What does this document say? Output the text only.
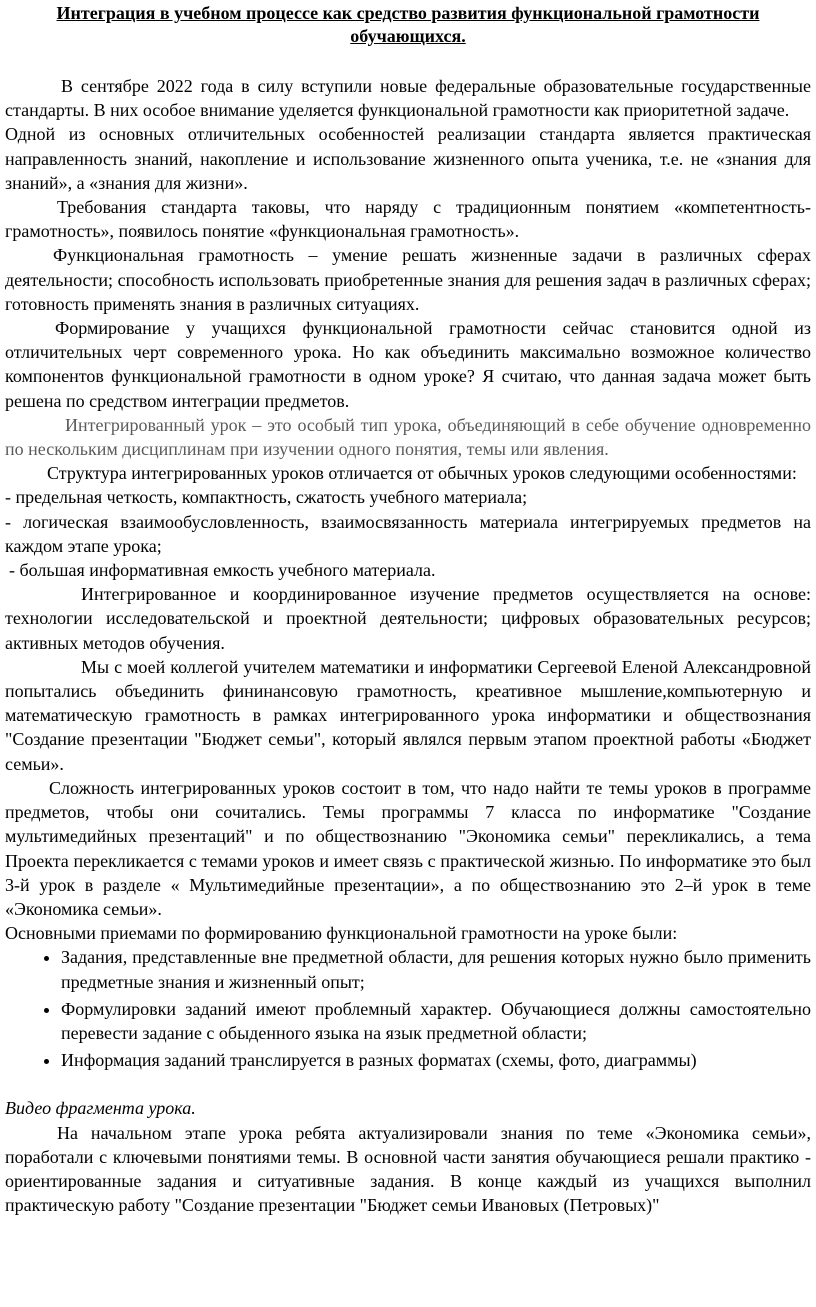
Интеграция в учебном процессе как средство развития функциональной грамотности обучающихся.

В сентябре 2022 года в силу вступили новые федеральные образовательные государственные стандарты. В них особое внимание уделяется функциональной грамотности как приоритетной задаче.

Одной из основных отличительных особенностей реализации стандарта является практическая направленность знаний, накопление и использование жизненного опыта ученика, т.е. не «знания для знаний», а «знания для жизни».

Требования стандарта таковы, что наряду с традиционным понятием «компетентность- грамотность», появилось понятие «функциональная грамотность».

Функциональная грамотность – умение решать жизненные задачи в различных сферах деятельности; способность использовать приобретенные знания для решения задач в различных сферах; готовность применять знания в различных ситуациях.

Формирование у учащихся функциональной грамотности сейчас становится одной из отличительных черт современного урока. Но как объединить максимально возможное количество компонентов функциональной грамотности в одном уроке? Я считаю, что данная задача может быть решена по средством интеграции предметов.

Интегрированный урок – это особый тип урока, объединяющий в себе обучение одновременно по нескольким дисциплинам при изучении одного понятия, темы или явления.

Структура интегрированных уроков отличается от обычных уроков следующими особенностями:

- предельная четкость, компактность, сжатость учебного материала;

- логическая взаимообусловленность, взаимосвязанность материала интегрируемых предметов на каждом этапе урока;

- большая информативная емкость учебного материала.

Интегрированное и координированное изучение предметов осуществляется на основе: технологии исследовательской и проектной деятельности; цифровых образовательных ресурсов; активных методов обучения.

Мы с моей коллегой учителем математики и информатики Сергеевой Еленой Александровной попытались объединить фининансовую грамотность, креативное мышление,компьютерную и математическую грамотность в рамках интегрированного урока информатики и обществознания "Создание презентации "Бюджет семьи", который являлся первым этапом проектной работы «Бюджет семьи».

Сложность интегрированных уроков состоит в том, что надо найти те темы уроков в программе предметов, чтобы они сочитались. Темы программы 7 класса по информатике "Создание мультимедийных презентаций" и по обществознанию "Экономика семьи" перекликались, а тема Проекта перекликается с темами уроков и имеет связь с практической жизнью. По информатике это был 3-й урок в разделе « Мультимедийные презентации», а по обществознанию это 2–й урок в теме «Экономика семьи».

Основными приемами по формированию функциональной грамотности на уроке были:

• Задания, представленные вне предметной области, для решения которых нужно было применить предметные знания и жизненный опыт;
• Формулировки заданий имеют проблемный характер. Обучающиеся должны самостоятельно перевести задание с обыденного языка на язык предметной области;
• Информация заданий транслируется в разных форматах (схемы, фото, диаграммы)

Видео фрагмента урока.

На начальном этапе урока ребята актуализировали знания по теме «Экономика семьи», поработали с ключевыми понятиями темы. В основной части занятия обучающиеся решали практико - ориентированные задания и ситуативные задания. В конце каждый из учащихся выполнил практическую работу "Создание презентации "Бюджет семьи Ивановых (Петровых)"
